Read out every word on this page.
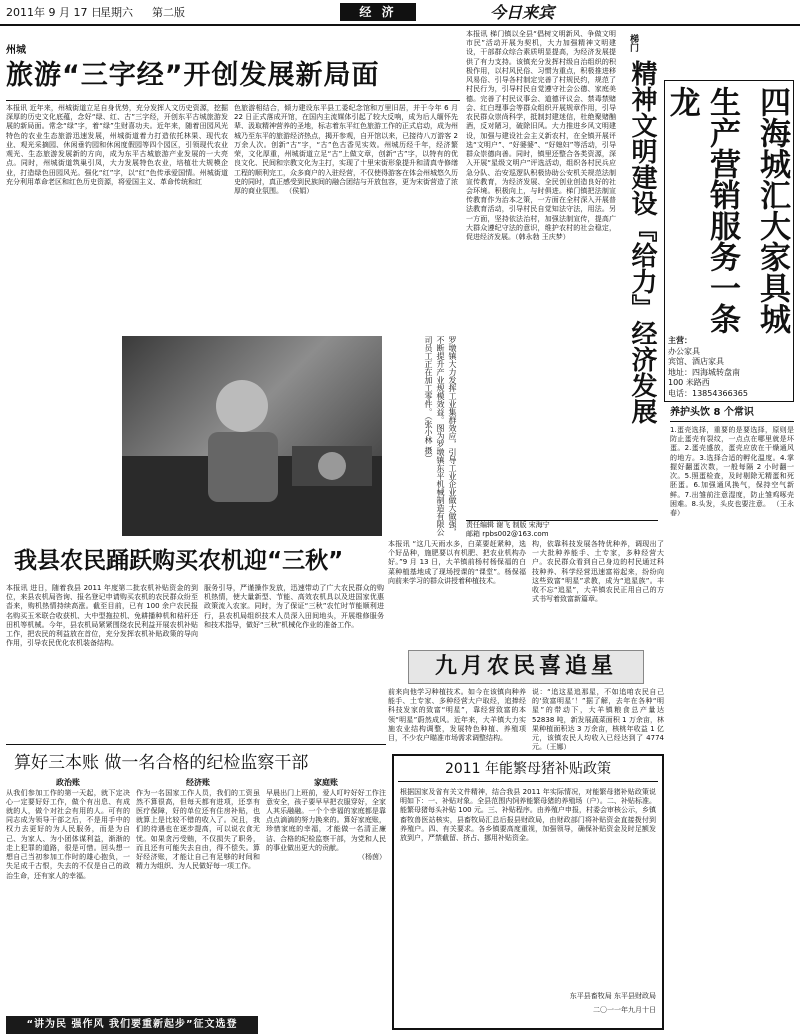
2011年 9 月 17 日
星期六 第二版	经 济	今日来宾
州城
旅游“三字经”开创发展新局面
本报讯 近年来，州城街道立足自身优势，充分发挥人文历史资源，挖掘深厚的历史文化底蕴，念好“绿、红、古”三字经，开创东平古城旅游发展的新局面。常念“绿”字，着“绿”生财喜功夫。近年来，随着田园风光特色的农业生态旅游迅速发展，州城街道着力打造依托林果、现代农业、观光采摘园、休闲垂钓园和休闲度假园等四个园区，引领现代农业观光、生态旅游发展新的方向，成为东平古城旅游产业发展的一大亮点。同时，州城街道筑巢引凤，大力发展特色农业，培植壮大规模企业，打造绿色田园风光。强化“红”字，以“红”色传承爱国情。州城街道充分利用革命老区和红色历史资源，将爱国主义、革命传统和红
色旅游相结合，倾力建设东平县工委纪念馆和万里旧居，并于今年 6 月 22 日正式落成开馆，在国内主流媒体引起了较大反响，成为后人缅怀先辈、汲取精神营养的圣地，标志着东平红色旅游工作的正式启动，成为州城乃至东平的旅游经济热点，揭开参观，自开馆以来，已接待八万游客 2 万余人次。创新“古”字，“古”色古香见实效。州城历经千年，经济繁荣，文化厚重，州城街道立足“古”上做文章，创新“古”字，以特有的优良文化、民间和宗教文化为主打，实现了十里宋街形象提升和清真寺修缮工程的顺利完工，众多商户的入驻经营，不仅使得游客在体会州城悠久历史的同时，真正感受到民族间的融合团结与开放包容，更为宋街营造了浓厚的商业氛围。 （侯娟）
罗墩镇大力发挥工业集群效应，引导工业企业做大做强，不断提升产业规模效益。图为罗墩镇东平机械制造有限公司员工正在加工零件。（张小林 摄）
本报讯 梯门镇以全县“倡树文明新风、争做文明市民”活动开展为契机，大力加强精神文明建设，干部群众综合素质明显提高，为经济发展提供了有力支持。该镇充分发挥村级自治组织的积极作用，以村风民俗、习惯为重点，积极推进移风易俗、引导各村制定完善了村规民约，规范了村民行为，引导村民自觉遵守社会公德、家庭美德。完善了村民议事会、道德评议会、禁毒禁赌会、红白理事会等群众组织开展规章作用，引导农民群众崇尚科学，抵制封建迷信，杜绝聚赌酗酒，反对陋习，破除旧风。大力推进乡风文明建设，加强与建设社会主义新农村，在全镇开展评选“文明户”、“好婆婆”、“好媳妇”等活动，引导群众崇德向善。同时，镇里还整合各类资源，深入开展“星级文明户”评选活动，组织各村民兵应急分队、治安巡逻队积极协助公安机关规范法制宣传教育，为经济发展、全民创业创造良好的社会环境。积极向上，与时俱进。梯门镇把法制宣传教育作为治本之策，一方面在全村深入开展普法教育活动，引导村民自觉知法守法，用法。另一方面，坚持依法治村，加强法制宣传，提高广大群众遵纪守法的意识，维护农村的社会稳定，促进经济发展。（韩永勃 王庆梦）
梯门
精神文明建设『给力』经济发展
责任编辑 谢飞 制版 宋海宁
邮箱 rpbs002@163.com
四海城汇大家具城
生产营销服务一条龙
主营：
办公家具
宾馆、酒店家具
地址：四海城转盘南
100 米路西
电话：13854366365
养护头饮 8 个常识
1.蛋壳选择，重要的是要选择，原则是防止蛋壳有裂纹，一点点在哪里就是坏蛋。2.蛋壳盛放，蛋壳应放在干燥通风的地方。3.选择合适的孵化温度。4.掌握好翻蛋次数，一般每隔 2 小时翻一次。5.照蛋检查，及时剔除无精蛋和死胚蛋。6.加强通风换气，保持空气新鲜。7.出雏前注意湿度，防止雏鸡啄壳困难。8.头发，头皮也要注意。 （王永春）
我县农民踊跃购买农机迎“三秋”
本报讯 进日，随着我县 2011 年度第二批农机补贴资金的到位，来县农机局咨询、报名登记申请购买农机的农民群众纷至沓来，购机热情持续高涨。截至目前，已有 100 余户农民报名购买玉米联合收获机、大中型拖拉机、免耕播种机和秸秆还田机等机械。今年，县农机局紧紧围绕农民利益开展农机补贴工作，把农民的利益放在首位，充分发挥农机补贴政策的导向作用，引导农民优化农机装备结构。
服务引导，严谨操作发放，迅速带动了广大农民群众的购机热情，使大量新型、节能、高效农机具以及进国家优惠政策流入农家。同时，为了保证“三秋”农忙时节能顺利进行，县农机局组织技术人员深入田间地头，开展维修服务和技术指导，做好“三秋”机械化作业的准备工作。
本报讯 “这几天雨水多，白菜要赶紧种，选个好品种，施肥要以有机肥、把农业机构办好。”9 月 13 日，大羊镇前杨村杨保福的白菜种植基地成了现场授课的“课堂”。杨保福向前来学习的群众讲授着种植技术。
构，依靠科技发展各特优种养，调现出了一大批种养能手、土专家，多种经营大户。农民群众看到自己身边的村民通过科技种养、科学经营迅速富裕起来，纷纷向这些致富“明星”求教，成为“追星族”。丰收不忘“追星”，大羊镇农民正用自己的方式书写着致富新篇章。
九月农民喜追星
前来向他学习种植技术。如今在该镇向种养能手、土专家、多种经营大户取经，追捧经科技发家的致富“明星”，靠经营致富的本领“明星”蔚然成风。近年来，大羊镇大力实施农业结构调整，发展特色种植、养殖项目，不少农户瞄准市场需求调整结构。
说：“追这星追那星，不如追咱农民自己的‘致富明星’！”据了解，去年在各种“明星”的带动下，大羊镇粮食总产量达 52838 吨，新发展蔬菜面积 1 万余亩，林果种植面积达 3 万余亩，核桃年收益 1 亿元，该镇农民人均收入已经达到了 4774 元。（王娜）
算好三本账 做一名合格的纪检监察干部
政治账
从我们参加工作的第一天起，就下定决心一定要好好工作，做个有出息、有成就的人，做个对社会有用的人。可有的同志成为领导干部之后，不是用手中的权力去更好的为人民服务，而是为自己、为家人、为小团体谋利益，渐渐的走上犯罪的道路，很是可惜。回头想一想自己当初参加工作时的雄心抱负，一失足成千古恨，失去的不仅是自己的政治生命，还有家人的幸福。
经济账
作为一名国家工作人员，我们的工资虽然不算很高，但每天都有进项，还享有医疗保障，好的单位还有住房补贴，也就算上是比较不错的收入了。况且，我们的待遇也在逐步提高，可以说衣食无忧。如果贪污受贿，不仅损失了职务，而且还有可能失去自由，得不偿失。算好经济账，才能让自己有足够的时间和精力为组织、为人民做好每一项工作。
家庭账
早晨出门上班前，爱人叮咛好好工作注意安全，孩子要早早把衣服穿好，全家人其乐融融。一个个幸福的家庭都是靠点点滴滴的努力换来的。算好家庭账，珍惜家庭的幸福，才能做一名清正廉洁、合格的纪检监察干部，为党和人民的事业做出更大的贡献。
（杨茵）
2011 年能繁母猪补贴政策
根据国家及省有关文件精神，结合我县 2011 年实际情况，对能繁母猪补贴政策说明如下：一、补贴对象。全县范围内饲养能繁母猪的养殖场（户）。二、补贴标准。能繁母猪每头补贴 100 元。三、补贴程序。由养殖户申报，村委会审核公示，乡镇畜牧兽医站核实，县畜牧局汇总后报县财政局，由财政部门将补贴资金直接拨付到养殖户。四、有关要求。各乡镇要高度重视，加强领导，确保补贴资金及时足额发放到户，严禁截留、挤占、挪用补贴资金。
东平县畜牧局 东平县财政局
二〇一一年九月十日
“讲为民 强作风 我们要重新起步”征文选登
